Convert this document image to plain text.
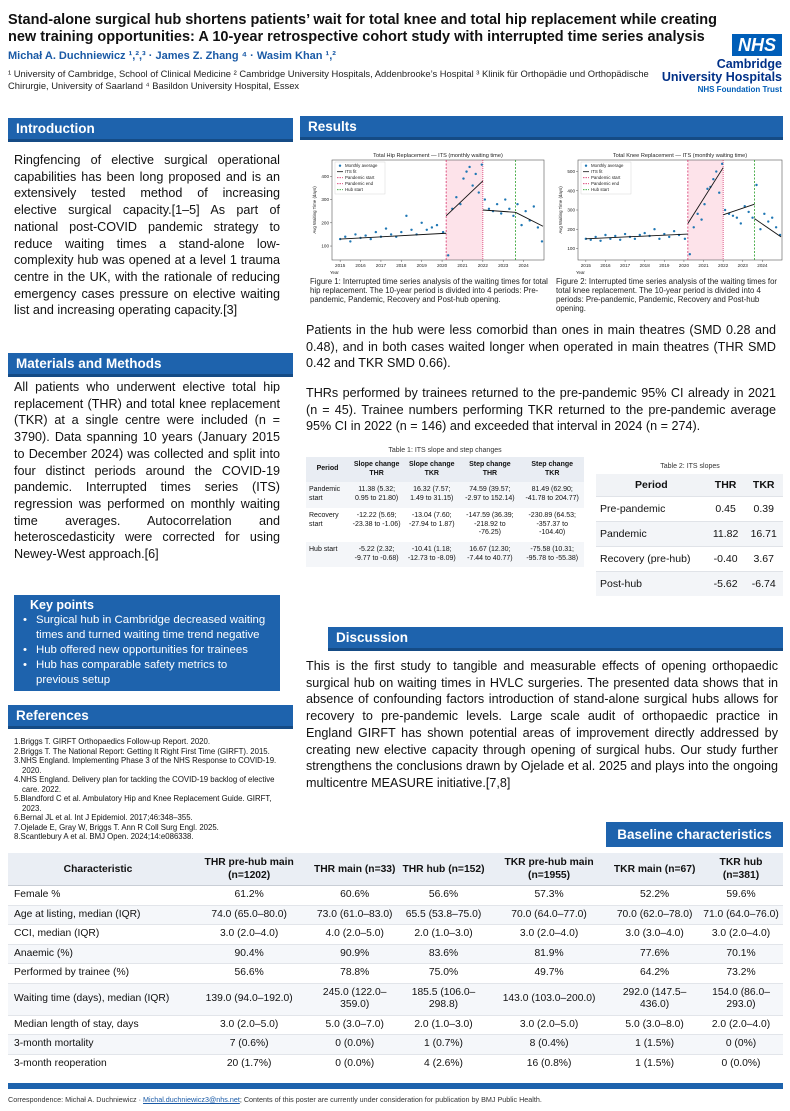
Stand-alone surgical hub shortens patients’ wait for total knee and total hip replacement while creating new training opportunities: A 10-year retrospective cohort study with interrupted time series analysis
Michał A. Duchniewicz ¹,²,³ · James Z. Zhang ⁴ · Wasim Khan ¹,²
¹ University of Cambridge, School of Clinical Medicine ² Cambridge University Hospitals, Addenbrooke’s Hospital ³ Klinik für Orthopädie und Orthopädische Chirurgie, University of Saarland ⁴ Basildon University Hospital, Essex
NHS
Cambridge
University Hospitals
NHS Foundation Trust
Introduction
Ringfencing of elective surgical operational capabilities has been long proposed and is an extensively tested method of increasing elective surgical capacity.[1–5] As part of national post-COVID pandemic strategy to reduce waiting times a stand-alone low-complexity hub was opened at a level 1 trauma centre in the UK, with the rationale of reducing emergency cases pressure on elective waiting list and increasing operating capacity.[3]
Materials and Methods
All patients who underwent elective total hip replacement (THR) and total knee replacement (TKR) at a single centre were included (n = 3790). Data spanning 10 years (January 2015 to December 2024) was collected and split into four distinct periods around the COVID-19 pandemic. Interrupted times series (ITS) regression was performed on monthly waiting time averages. Autocorrelation and heteroscedasticity were corrected for using Newey-West approach.[6]
Key points
• Surgical hub in Cambridge decreased waiting times and turned waiting time trend negative
• Hub offered new opportunities for trainees
• Hub has comparable safety metrics to previous setup
References
1.Briggs T. GIRFT Orthopaedics Follow-up Report. 2020.
2.Briggs T. The National Report: Getting It Right First Time (GIRFT). 2015.
3.NHS England. Implementing Phase 3 of the NHS Response to COVID-19. 2020.
4.NHS England. Delivery plan for tackling the COVID-19 backlog of elective care. 2022.
5.Blandford C et al. Ambulatory Hip and Knee Replacement Guide. GIRFT, 2023.
6.Bernal JL et al. Int J Epidemiol. 2017;46:348–355.
7.Ojelade E, Gray W, Briggs T. Ann R Coll Surg Engl. 2025.
8.Scantlebury A et al. BMJ Open. 2024;14:e086338.
Results
Total Hip Replacement — ITS (monthly waiting time)
100
200
300
400
2015 2016 2017 2018 2019 2020 2021 2022 2023 2024
Year
Avg Waiting Time (days)
Monthly average
ITS fit
Pandemic start
Pandemic end
Hub start
Figure 1: Interrupted time series analysis of the waiting times for total hip replacement. The 10-year period is divided into 4 periods: Pre-pandemic, Pandemic, Recovery and Post-hub opening.
Total Knee Replacement — ITS (monthly waiting time)
100
200
300
400
500
2015 2016 2017 2018 2019 2020 2021 2022 2023 2024
Year
Avg Waiting Time (days)
Monthly average
ITS fit
Pandemic start
Pandemic end
Hub start
Figure 2: Interrupted time series analysis of the waiting times for total knee replacement. The 10-year period is divided into 4 periods: Pre-pandemic, Pandemic, Recovery and Post-hub opening.
Patients in the hub were less comorbid than ones in main theatres (SMD 0.28 and 0.48), and in both cases waited longer when operated in main theatres (THR SMD 0.42 and TKR SMD 0.66).
THRs performed by trainees returned to the pre-pandemic 95% CI already in 2021 (n = 45). Trainee numbers performing TKR returned to the pre-pandemic average 95% CI in 2022 (n = 146) and exceeded that interval in 2024 (n = 274).
Table 1: ITS slope and step changes
Period	Slope change THR	Slope change TKR	Step change THR	Step change TKR
Pandemic start	11.38 (5.32; 0.95 to 21.80)	16.32 (7.57; 1.49 to 31.15)	74.59 (39.57; -2.97 to 152.14)	81.49 (62.90; -41.78 to 204.77)
Recovery start	-12.22 (5.69; -23.38 to -1.06)	-13.04 (7.60; -27.94 to 1.87)	-147.59 (36.39; -218.92 to -76.25)	-230.89 (64.53; -357.37 to -104.40)
Hub start	-5.22 (2.32; -9.77 to -0.68)	-10.41 (1.18; -12.73 to -8.09)	16.67 (12.30; -7.44 to 40.77)	-75.58 (10.31; -95.78 to -55.38)
Table 2: ITS slopes
Period	THR	TKR
Pre-pandemic	0.45	0.39
Pandemic	11.82	16.71
Recovery (pre-hub)	-0.40	3.67
Post-hub	-5.62	-6.74
Discussion
This is the first study to tangible and measurable effects of opening orthopaedic surgical hub on waiting times in HVLC surgeries. The presented data shows that in absence of confounding factors introduction of stand-alone surgical hubs allows for recovery to pre-pandemic levels. Large scale audit of orthopaedic practice in England GIRFT has shown potential areas of improvement directly addressed by creating new elective capacity through opening of surgical hubs. Our study further strengthens the conclusions drawn by Ojelade et al. 2025 and plays into the ongoing multicentre MEASURE initiative.[7,8]
Baseline characteristics
Characteristic	THR pre-hub main (n=1202)	THR main (n=33)	THR hub (n=152)	TKR pre-hub main (n=1955)	TKR main (n=67)	TKR hub (n=381)
Female %	61.2%	60.6%	56.6%	57.3%	52.2%	59.6%
Age at listing, median (IQR)	74.0 (65.0–80.0)	73.0 (61.0–83.0)	65.5 (53.8–75.0)	70.0 (64.0–77.0)	70.0 (62.0–78.0)	71.0 (64.0–76.0)
CCI, median (IQR)	3.0 (2.0–4.0)	4.0 (2.0–5.0)	2.0 (1.0–3.0)	3.0 (2.0–4.0)	3.0 (3.0–4.0)	3.0 (2.0–4.0)
Anaemic (%)	90.4%	90.9%	83.6%	81.9%	77.6%	70.1%
Performed by trainee (%)	56.6%	78.8%	75.0%	49.7%	64.2%	73.2%
Waiting time (days), median (IQR)	139.0 (94.0–192.0)	245.0 (122.0–359.0)	185.5 (106.0–298.8)	143.0 (103.0–200.0)	292.0 (147.5–436.0)	154.0 (86.0–293.0)
Median length of stay, days	3.0 (2.0–5.0)	5.0 (3.0–7.0)	2.0 (1.0–3.0)	3.0 (2.0–5.0)	5.0 (3.0–8.0)	2.0 (2.0–4.0)
3-month mortality	7 (0.6%)	0 (0.0%)	1 (0.7%)	8 (0.4%)	1 (1.5%)	0 (0%)
3-month reoperation	20 (1.7%)	0 (0.0%)	4 (2.6%)	16 (0.8%)	1 (1.5%)	0 (0.0%)
Correspondence: Michał A. Duchniewicz · Michal.duchniewicz3@nhs.net; Contents of this poster are currently under consideration for publication by BMJ Public Health.
